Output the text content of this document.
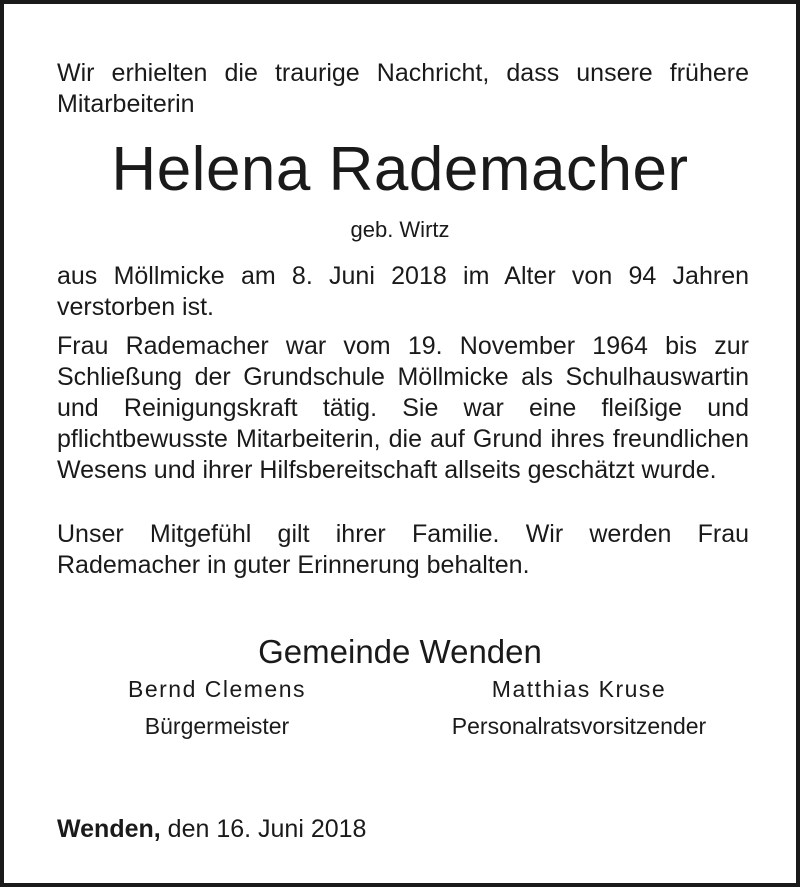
Wir erhielten die traurige Nachricht, dass unsere frühere Mitarbeiterin

Helena Rademacher

geb. Wirtz

aus Möllmicke am 8. Juni 2018 im Alter von 94 Jahren verstorben ist.

Frau Rademacher war vom 19. November 1964 bis zur Schließung der Grundschule Möllmicke als Schulhauswartin und Reinigungskraft tätig. Sie war eine fleißige und pflichtbewusste Mitarbeiterin, die auf Grund ihres freundlichen Wesens und ihrer Hilfsbereitschaft allseits geschätzt wurde.

Unser Mitgefühl gilt ihrer Familie. Wir werden Frau Rademacher in guter Erinnerung behalten.

Gemeinde Wenden

Bernd Clemens
Bürgermeister
Matthias Kruse
Personalratsvorsitzender

Wenden, den 16. Juni 2018
